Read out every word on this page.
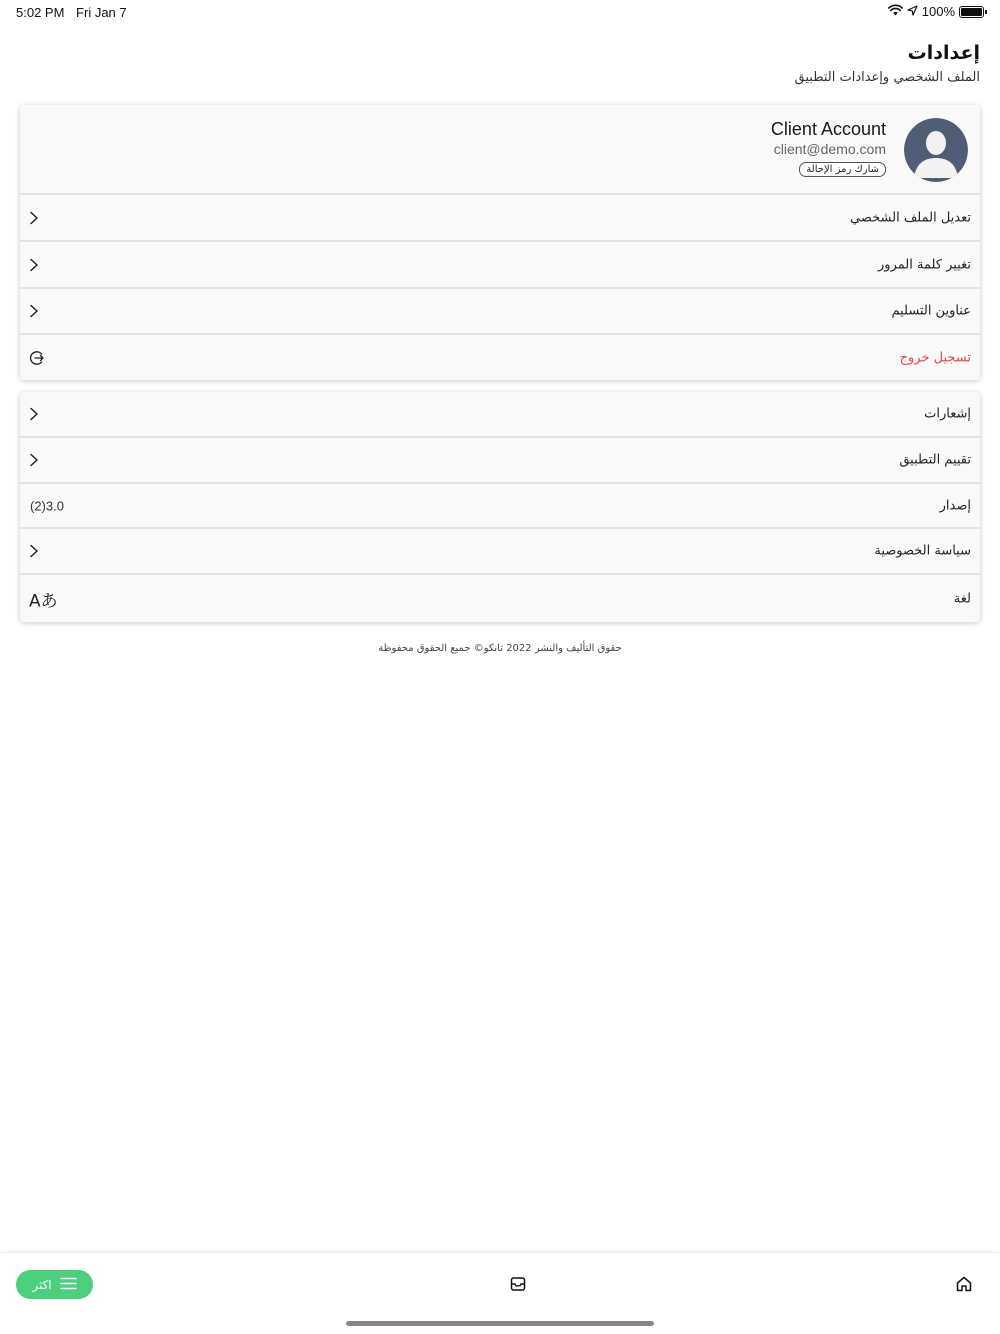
5:02 PM Fri Jan 7	100%
إعدادات
الملف الشخصي وإعدادات التطبيق
Client Account
client@demo.com
شارك رمز الإحالة
تعديل الملف الشخصي
تغيير كلمة المرور
عناوين التسليم
تسجيل خروج
إشعارات
تقييم التطبيق
إصدار
(2)3.0
سياسة الخصوصية
لغة
Aあ
حقوق التأليف والنشر 2022 تانكو© جميع الحقوق محفوظة
اكثر
